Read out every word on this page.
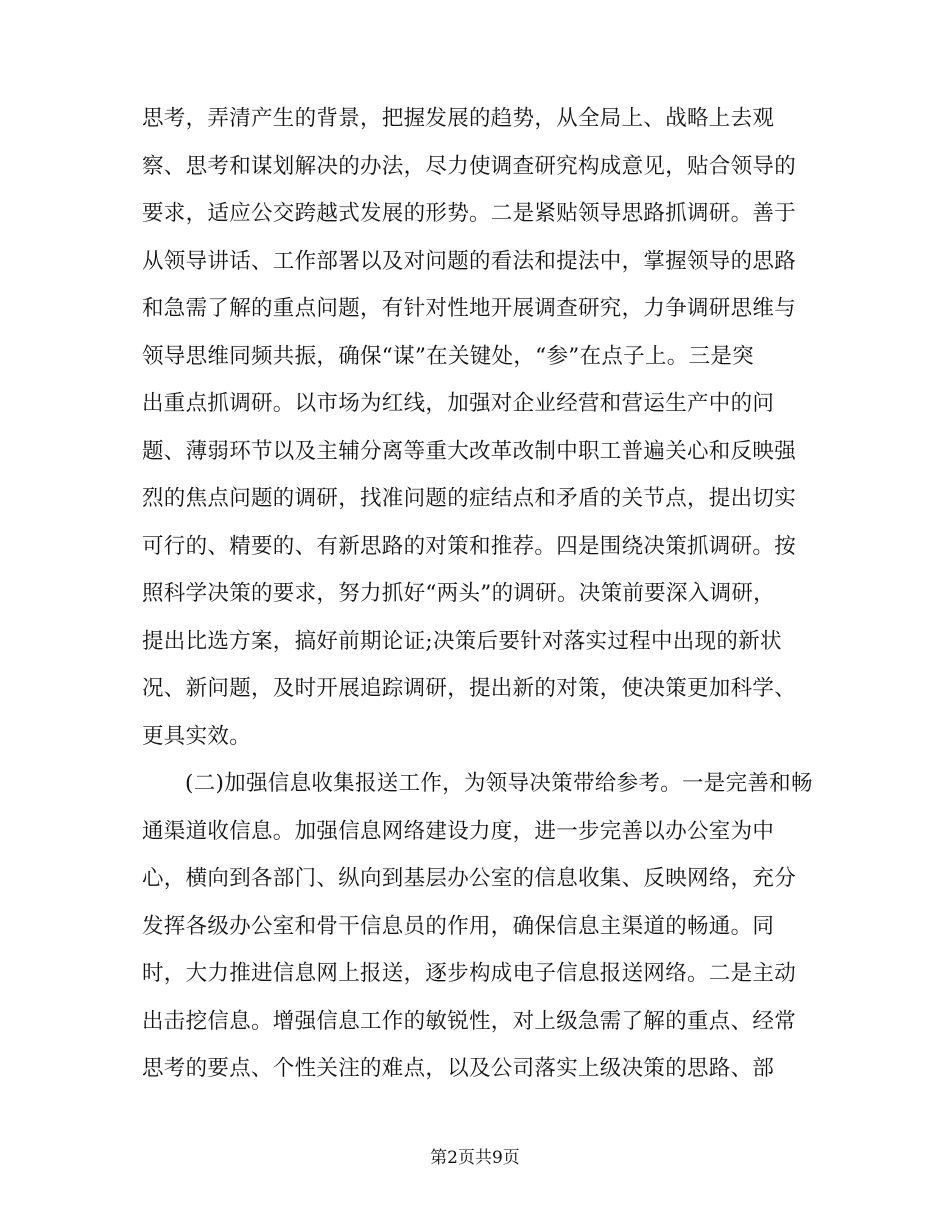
思考，弄清产生的背景，把握发展的趋势，从全局上、战略上去观
察、思考和谋划解决的办法，尽力使调查研究构成意见，贴合领导的
要求，适应公交跨越式发展的形势。二是紧贴领导思路抓调研。善于
从领导讲话、工作部署以及对问题的看法和提法中，掌握领导的思路
和急需了解的重点问题，有针对性地开展调查研究，力争调研思维与
领导思维同频共振，确保“谋”在关键处，“参”在点子上。三是突
出重点抓调研。以市场为红线，加强对企业经营和营运生产中的问
题、薄弱环节以及主辅分离等重大改革改制中职工普遍关心和反映强
烈的焦点问题的调研，找准问题的症结点和矛盾的关节点，提出切实
可行的、精要的、有新思路的对策和推荐。四是围绕决策抓调研。按
照科学决策的要求，努力抓好“两头”的调研。决策前要深入调研，
提出比选方案，搞好前期论证;决策后要针对落实过程中出现的新状
况、新问题，及时开展追踪调研，提出新的对策，使决策更加科学、
更具实效。
(二)加强信息收集报送工作，为领导决策带给参考。一是完善和畅
通渠道收信息。加强信息网络建设力度，进一步完善以办公室为中
心，横向到各部门、纵向到基层办公室的信息收集、反映网络，充分
发挥各级办公室和骨干信息员的作用，确保信息主渠道的畅通。同
时，大力推进信息网上报送，逐步构成电子信息报送网络。二是主动
出击挖信息。增强信息工作的敏锐性，对上级急需了解的重点、经常
思考的要点、个性关注的难点，以及公司落实上级决策的思路、部
第2页共9页
